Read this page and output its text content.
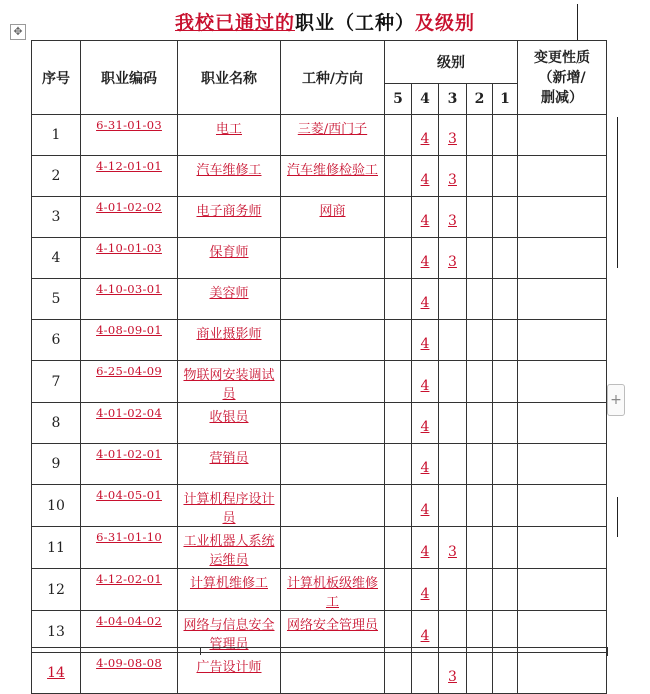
我校已通过的职业（工种）及级别
✥
+
序号	职业编码	职业名称	工种/方向	级别					变更性质
（新增/
删减）
				5	4	3	2	1	
1	6-31-01-03	电工	三菱/西门子		4	3			
2	4-12-01-01	汽车维修工	汽车维修检验工		4	3			
3	4-01-02-02	电子商务师	网商		4	3			
4	4-10-01-03	保育师			4	3			
5	4-10-03-01	美容师			4				
6	4-08-09-01	商业摄影师			4				
7	6-25-04-09	物联网安装调试员			4				
8	4-01-02-04	收银员			4				
9	4-01-02-01	营销员			4				
10	4-04-05-01	计算机程序设计员			4				
11	6-31-01-10	工业机器人系统运维员			4	3			
12	4-12-02-01	计算机维修工	计算机板级维修工		4				
13	4-04-04-02	网络与信息安全管理员	网络安全管理员		4				
14	4-09-08-08	广告设计师				3			
